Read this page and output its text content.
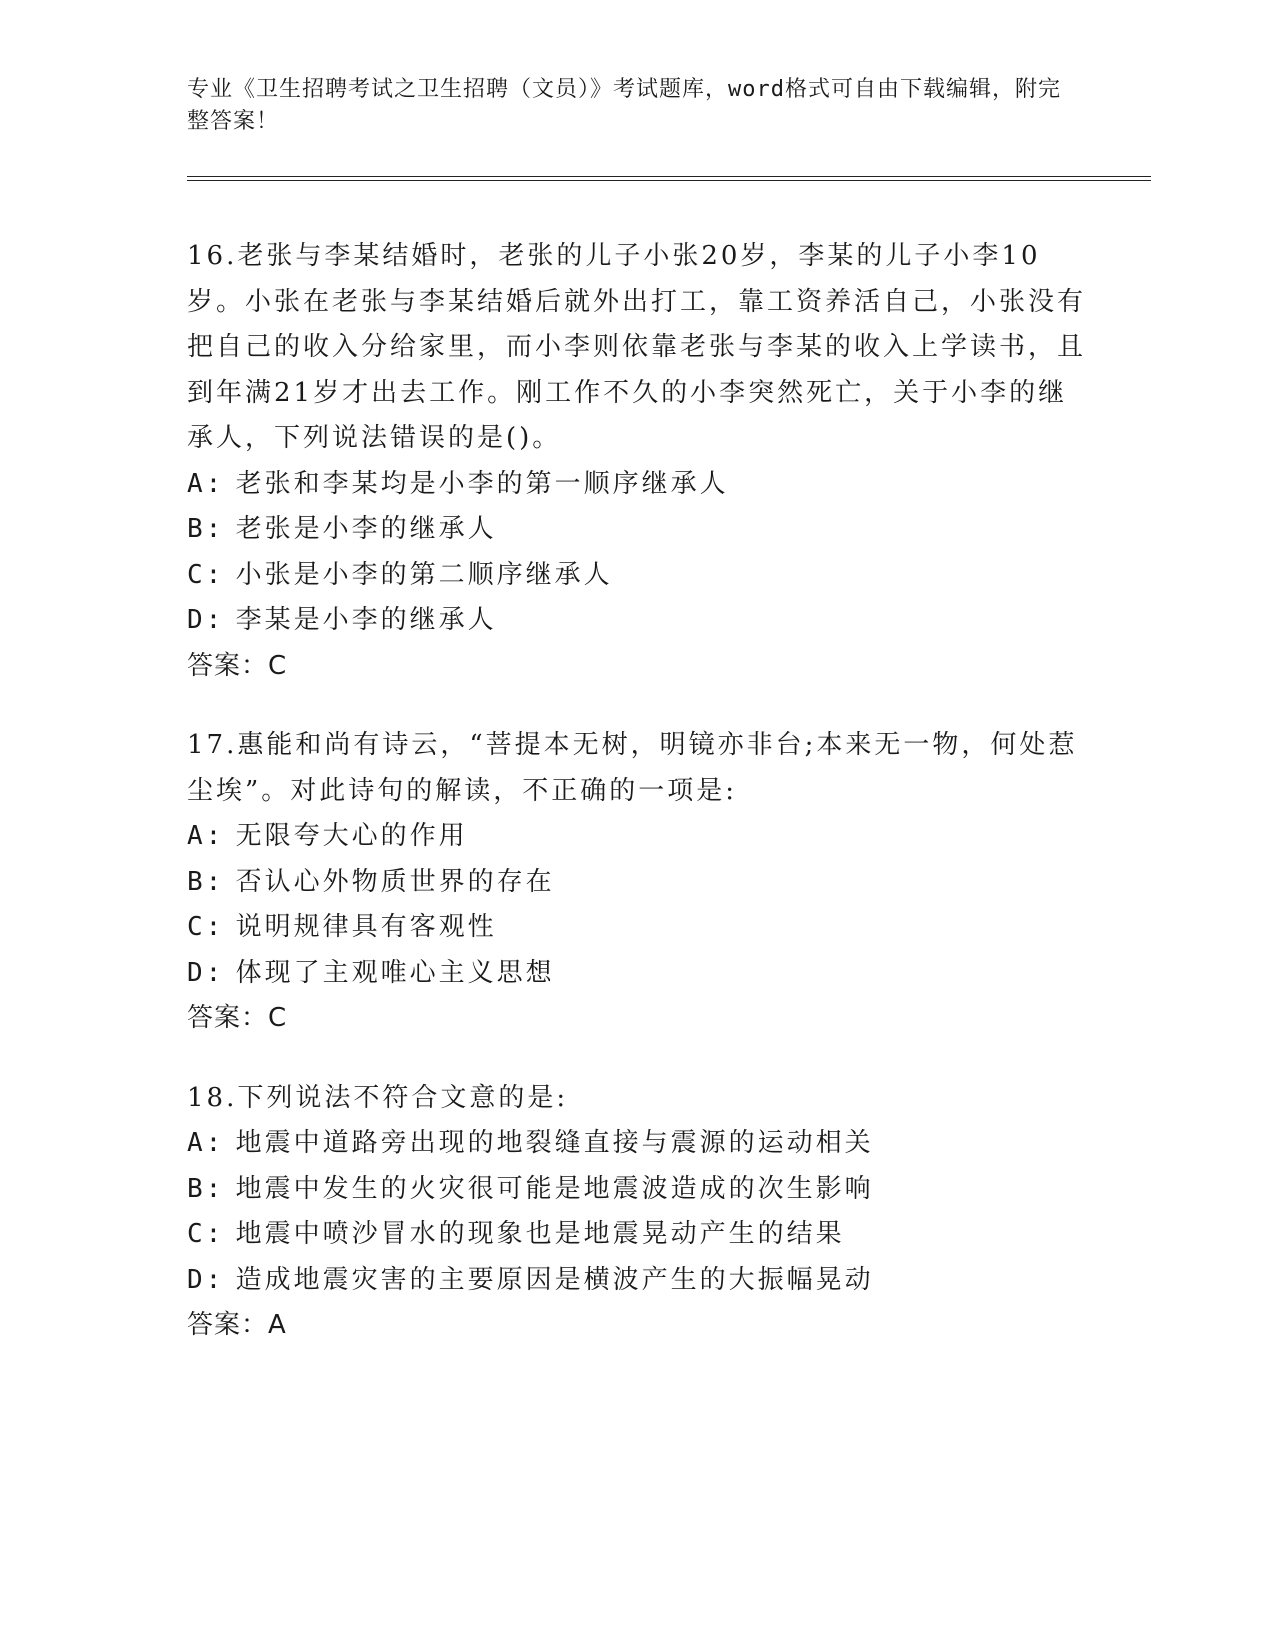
专业《卫生招聘考试之卫生招聘（文员）》考试题库，word格式可自由下载编辑，附完整答案！
16.老张与李某结婚时，老张的儿子小张20岁，李某的儿子小李10岁。小张在老张与李某结婚后就外出打工，靠工资养活自己，小张没有把自己的收入分给家里，而小李则依靠老张与李某的收入上学读书，且到年满21岁才出去工作。刚工作不久的小李突然死亡，关于小李的继承人，下列说法错误的是()。
A: 老张和李某均是小李的第一顺序继承人
B: 老张是小李的继承人
C: 小张是小李的第二顺序继承人
D: 李某是小李的继承人
答案：C
17.惠能和尚有诗云，“菩提本无树，明镜亦非台;本来无一物，何处惹尘埃”。对此诗句的解读，不正确的一项是:
A: 无限夸大心的作用
B: 否认心外物质世界的存在
C: 说明规律具有客观性
D: 体现了主观唯心主义思想
答案：C
18.下列说法不符合文意的是:
A: 地震中道路旁出现的地裂缝直接与震源的运动相关
B: 地震中发生的火灾很可能是地震波造成的次生影响
C: 地震中喷沙冒水的现象也是地震晃动产生的结果
D: 造成地震灾害的主要原因是横波产生的大振幅晃动
答案：A
